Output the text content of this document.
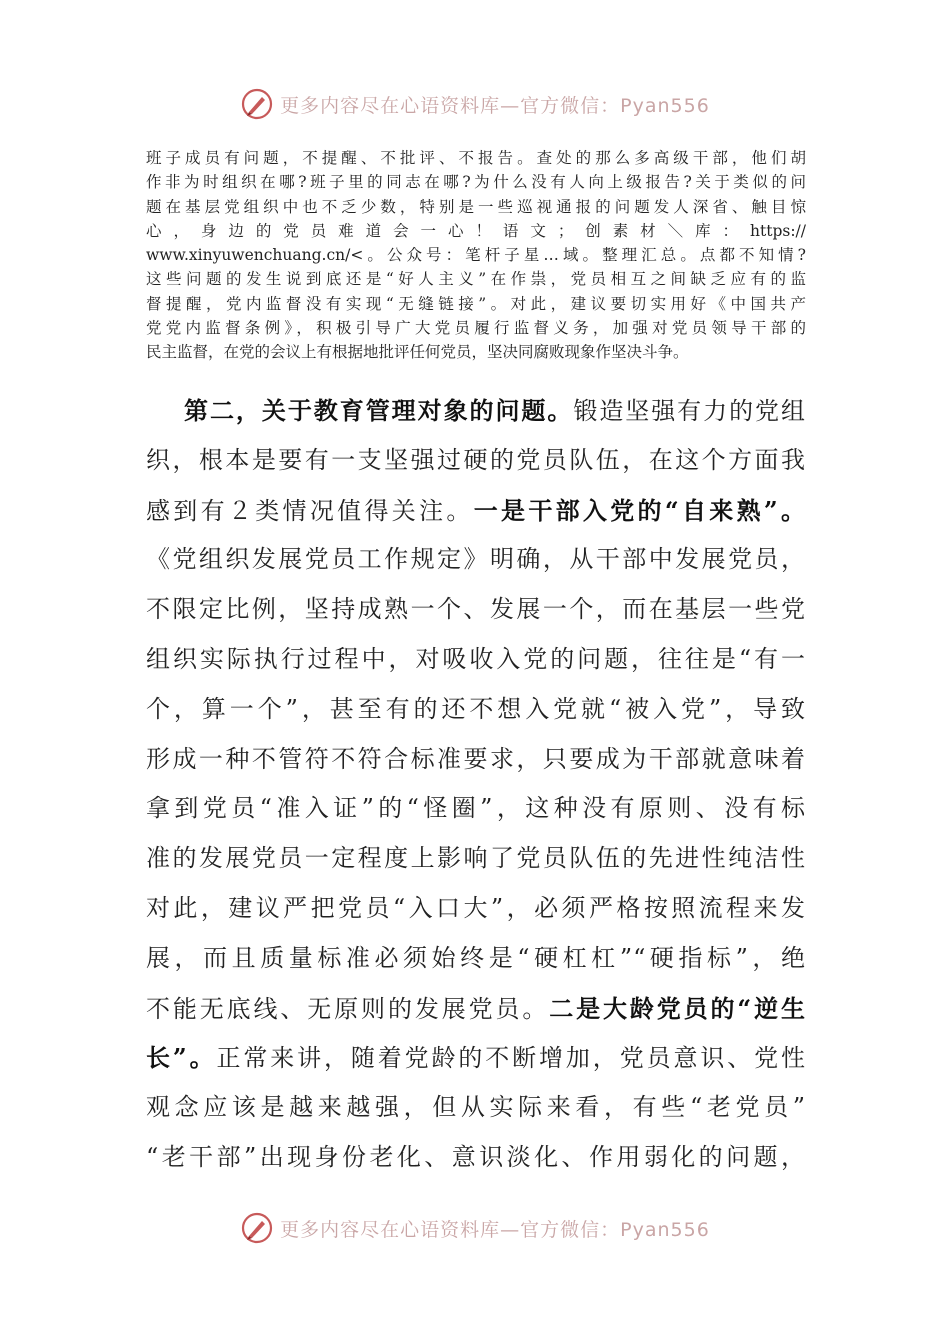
更多内容尽在心语资料库—官方微信：Pyan556
班子成员有问题，不提醒、不批评、不报告。查处的那么多高级干部，他们胡
作非为时组织在哪?班子里的同志在哪?为什么没有人向上级报告?关于类似的问
题在基层党组织中也不乏少数，特别是一些巡视通报的问题发人深省、触目惊
心，身边的党员难道会一心！语文；创素材＼库：https://
www.xinyuwenchuang.cn/<。公众号：笔杆子星…域。整理汇总。点都不知情?
这些问题的发生说到底还是“好人主义”在作祟，党员相互之间缺乏应有的监
督提醒，党内监督没有实现“无缝链接”。对此，建议要切实用好《中国共产
党党内监督条例》，积极引导广大党员履行监督义务，加强对党员领导干部的
民主监督，在党的会议上有根据地批评任何党员，坚决同腐败现象作坚决斗争。
第二，关于教育管理对象的问题。锻造坚强有力的党组
织，根本是要有一支坚强过硬的党员队伍，在这个方面我
感到有２类情况值得关注。一是干部入党的“自来熟”。
《党组织发展党员工作规定》明确，从干部中发展党员，
不限定比例，坚持成熟一个、发展一个，而在基层一些党
组织实际执行过程中，对吸收入党的问题，往往是“有一
个，算一个”，甚至有的还不想入党就“被入党”，导致
形成一种不管符不符合标准要求，只要成为干部就意味着
拿到党员“准入证”的“怪圈”，这种没有原则、没有标
准的发展党员一定程度上影响了党员队伍的先进性纯洁性
对此，建议严把党员“入口大”，必须严格按照流程来发
展，而且质量标准必须始终是“硬杠杠”“硬指标”，绝
不能无底线、无原则的发展党员。二是大龄党员的“逆生
长”。正常来讲，随着党龄的不断增加，党员意识、党性
观念应该是越来越强，但从实际来看，有些“老党员”
“老干部”出现身份老化、意识淡化、作用弱化的问题，
更多内容尽在心语资料库—官方微信：Pyan556
